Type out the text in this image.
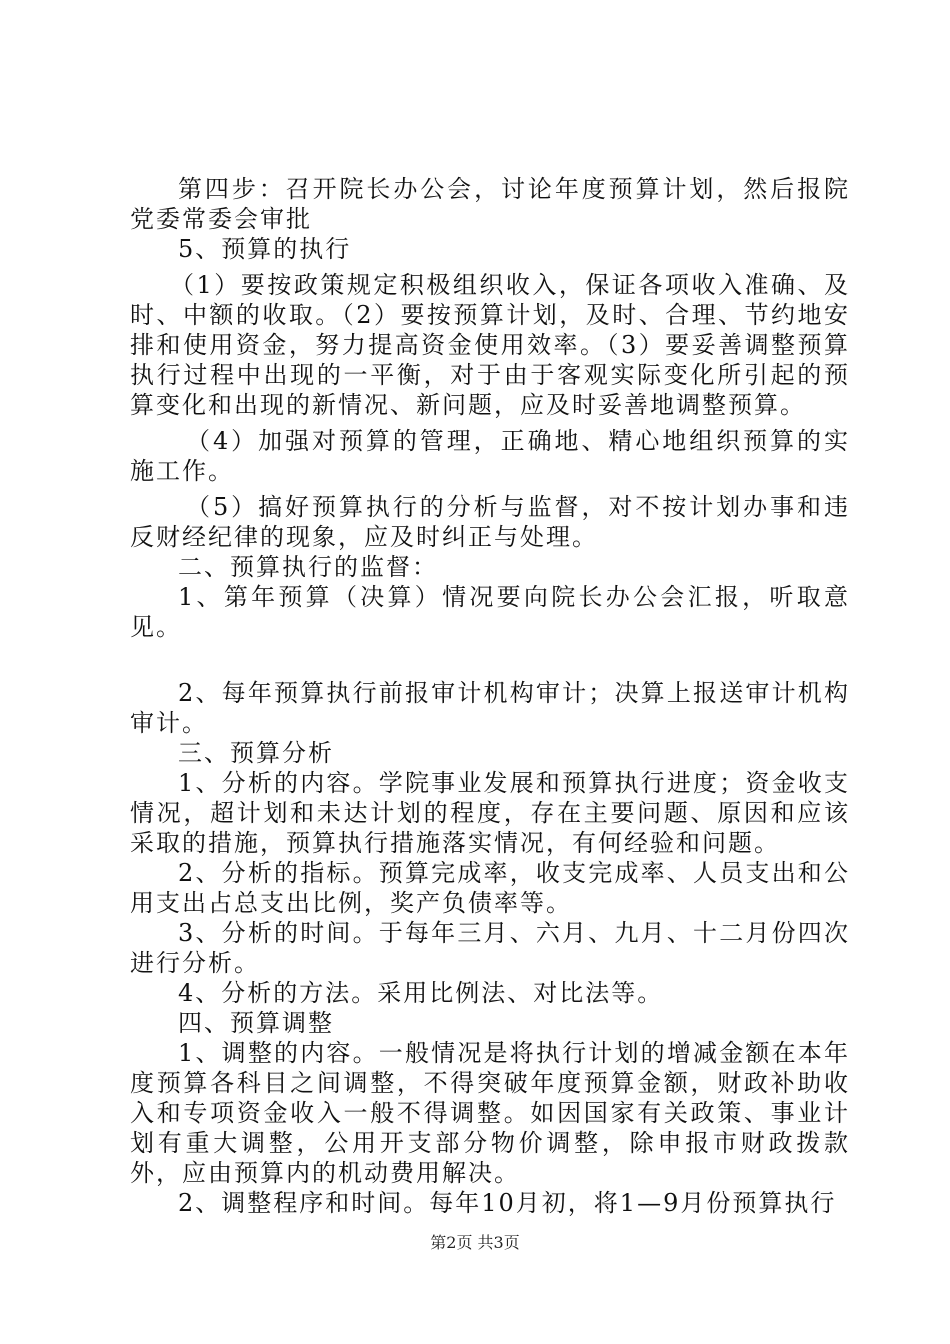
第四步：召开院长办公会，讨论年度预算计划，然后报院党委常委会审批

5、预算的执行

（1）要按政策规定积极组织收入，保证各项收入准确、及时、中额的收取。（2）要按预算计划，及时、合理、节约地安排和使用资金，努力提高资金使用效率。（3）要妥善调整预算执行过程中出现的一平衡，对于由于客观实际变化所引起的预算变化和出现的新情况、新问题，应及时妥善地调整预算。

（4）加强对预算的管理，正确地、精心地组织预算的实施工作。

（5）搞好预算执行的分析与监督，对不按计划办事和违反财经纪律的现象，应及时纠正与处理。

二、预算执行的监督：

1、第年预算（决算）情况要向院长办公会汇报，听取意见。

2、每年预算执行前报审计机构审计；决算上报送审计机构审计。

三、预算分析

1、分析的内容。学院事业发展和预算执行进度；资金收支情况，超计划和未达计划的程度，存在主要问题、原因和应该采取的措施，预算执行措施落实情况，有何经验和问题。

2、分析的指标。预算完成率，收支完成率、人员支出和公用支出占总支出比例，奖产负债率等。

3、分析的时间。于每年三月、六月、九月、十二月份四次进行分析。

4、分析的方法。采用比例法、对比法等。

四、预算调整

1、调整的内容。一般情况是将执行计划的增减金额在本年度预算各科目之间调整，不得突破年度预算金额，财政补助收入和专项资金收入一般不得调整。如因国家有关政策、事业计划有重大调整，公用开支部分物价调整，除申报市财政拨款外，应由预算内的机动费用解决。

2、调整程序和时间。每年10月初，将1—9月份预算执行

第2页 共3页
